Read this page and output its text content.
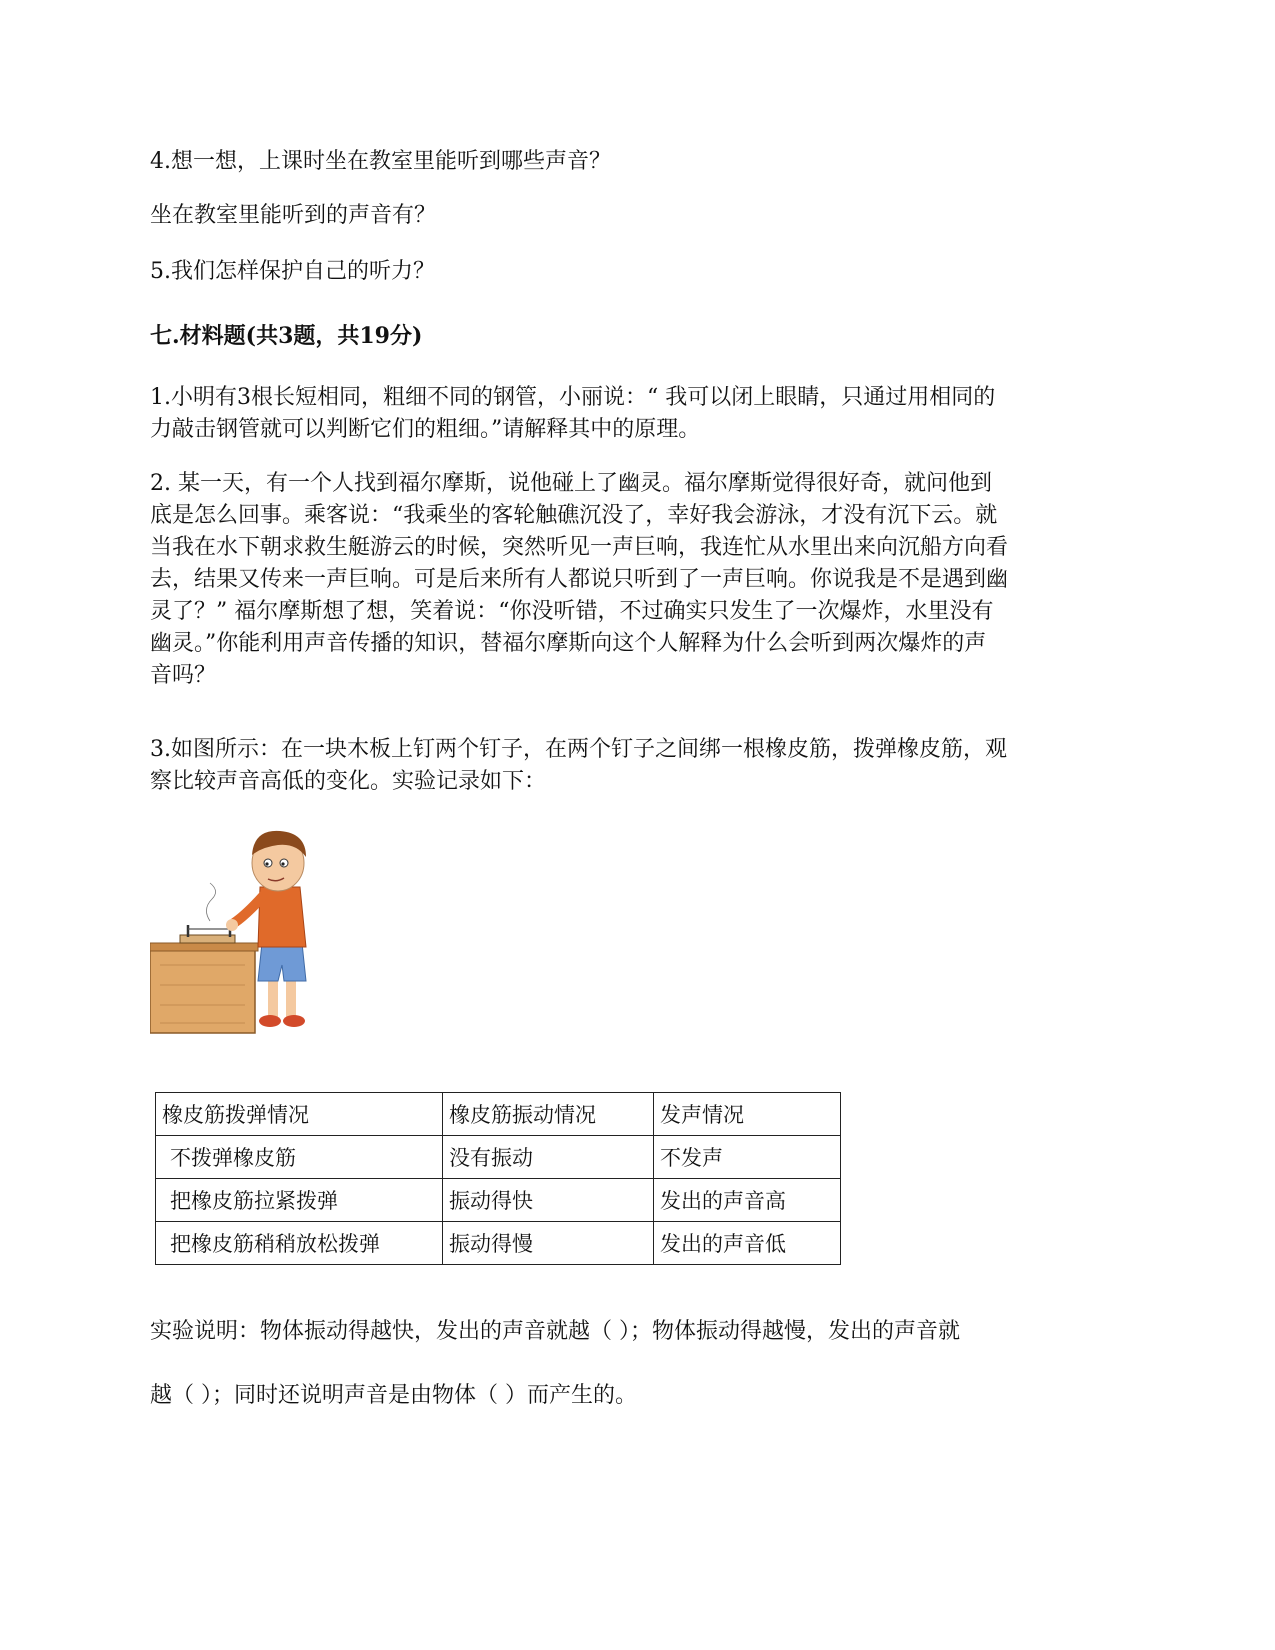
4.想一想，上课时坐在教室里能听到哪些声音？

坐在教室里能听到的声音有？

5.我们怎样保护自己的听力？

七.材料题(共3题，共19分)

1.小明有3根长短相同，粗细不同的钢管，小丽说：“ 我可以闭上眼睛，只通过用相同的
力敲击钢管就可以判断它们的粗细。”请解释其中的原理。
2. 某一天，有一个人找到福尔摩斯，说他碰上了幽灵。福尔摩斯觉得很好奇，就问他到
底是怎么回事。乘客说：“我乘坐的客轮触礁沉没了，幸好我会游泳，才没有沉下云。就
当我在水下朝求救生艇游云的时候，突然听见一声巨响，我连忙从水里出来向沉船方向看
去，结果又传来一声巨响。可是后来所有人都说只听到了一声巨响。你说我是不是遇到幽
灵了？” 福尔摩斯想了想，笑着说：“你没听错，不过确实只发生了一次爆炸，水里没有
幽灵。”你能利用声音传播的知识，替福尔摩斯向这个人解释为什么会听到两次爆炸的声
音吗？
3.如图所示：在一块木板上钉两个钉子，在两个钉子之间绑一根橡皮筋，拨弹橡皮筋，观
察比较声音高低的变化。实验记录如下：
橡皮筋拨弹情况	橡皮筋振动情况	发声情况
不拨弹橡皮筋	没有振动	不发声
把橡皮筋拉紧拨弹	振动得快	发出的声音高
把橡皮筋稍稍放松拨弹	振动得慢	发出的声音低

实验说明：物体振动得越快，发出的声音就越（ ）；物体振动得越慢，发出的声音就

越（ ）；同时还说明声音是由物体（ ）而产生的。
